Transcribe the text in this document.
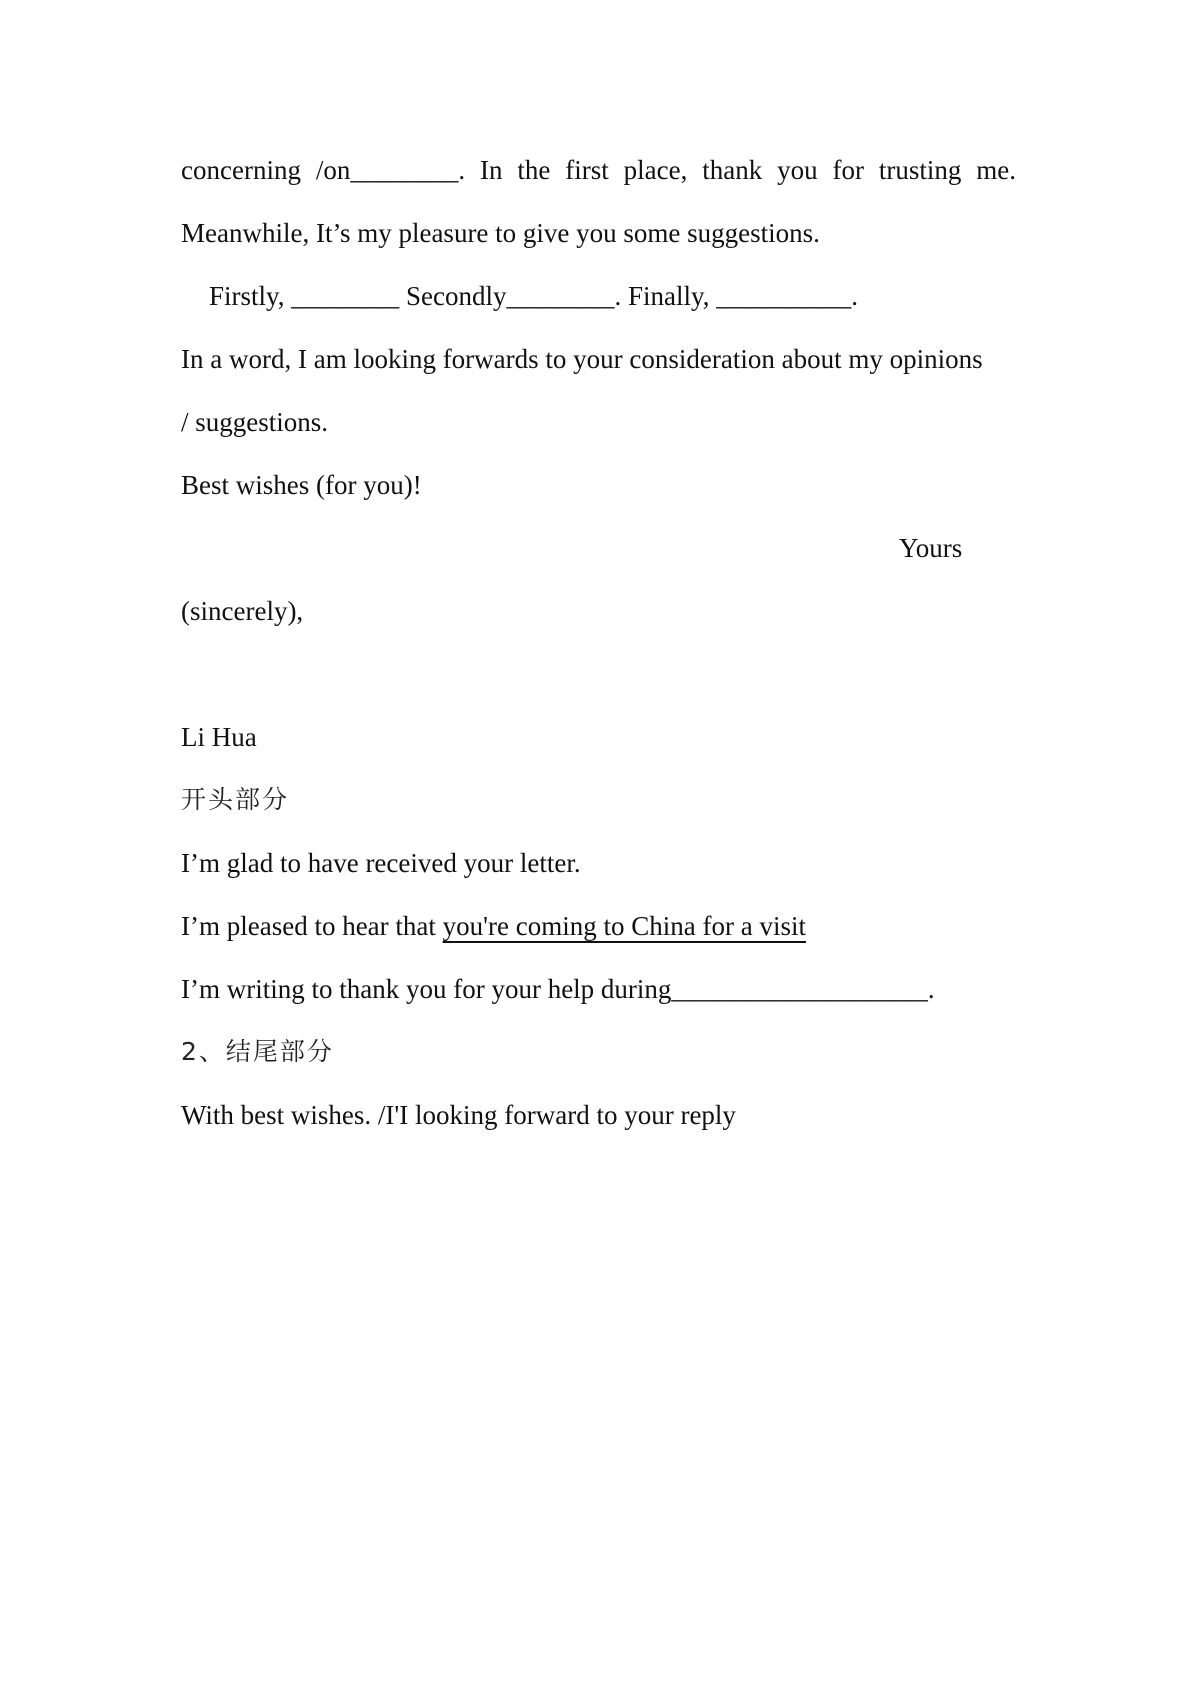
concerning /on________. In the first place, thank you for trusting me.
Meanwhile, It’s my pleasure to give you some suggestions.
Firstly, ________ Secondly________. Finally, __________.
In a word, I am looking forwards to your consideration about my opinions
/ suggestions.
Best wishes (for you)!
Yours
(sincerely),
Li Hua
开头部分
I’m glad to have received your letter.
I’m pleased to hear that you're coming to China for a visit
I’m writing to thank you for your help during___________________.
2、结尾部分
With best wishes. /I'I looking forward to your reply
